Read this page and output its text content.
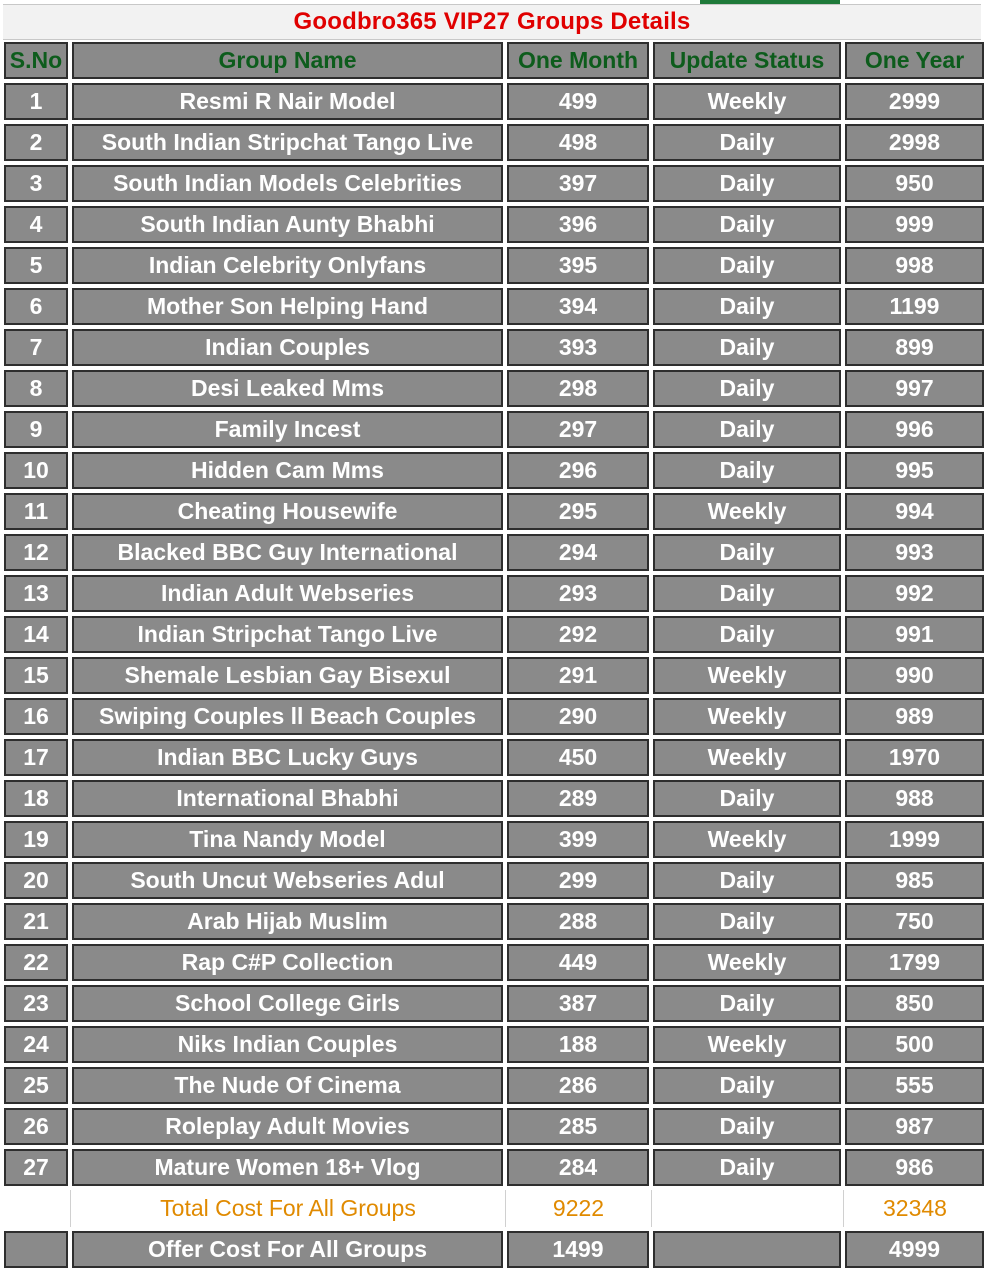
Goodbro365 VIP27 Groups Details
S.No	Group Name	One Month	Update Status	One Year

1	Resmi R Nair Model	499	Weekly	2999

2	South Indian Stripchat Tango Live	498	Daily	2998

3	South Indian Models Celebrities	397	Daily	950

4	South Indian Aunty Bhabhi	396	Daily	999

5	Indian Celebrity Onlyfans	395	Daily	998

6	Mother Son Helping Hand	394	Daily	1199

7	Indian Couples	393	Daily	899

8	Desi Leaked Mms	298	Daily	997

9	Family Incest	297	Daily	996

10	Hidden Cam Mms	296	Daily	995

11	Cheating Housewife	295	Weekly	994

12	Blacked BBC Guy International	294	Daily	993

13	Indian Adult Webseries	293	Daily	992

14	Indian Stripchat Tango Live	292	Daily	991

15	Shemale Lesbian Gay Bisexul	291	Weekly	990

16	Swiping Couples ll Beach Couples	290	Weekly	989

17	Indian BBC Lucky Guys	450	Weekly	1970

18	International Bhabhi	289	Daily	988

19	Tina Nandy Model	399	Weekly	1999

20	South Uncut Webseries Adul	299	Daily	985

21	Arab Hijab Muslim	288	Daily	750

22	Rap C#P Collection	449	Weekly	1799

23	School College Girls	387	Daily	850

24	Niks Indian Couples	188	Weekly	500

25	The Nude Of Cinema	286	Daily	555

26	Roleplay Adult Movies	285	Daily	987

27	Mature Women 18+ Vlog	284	Daily	986

Total Cost For All Groups	9222		32348

Offer Cost For All Groups	1499		4999
